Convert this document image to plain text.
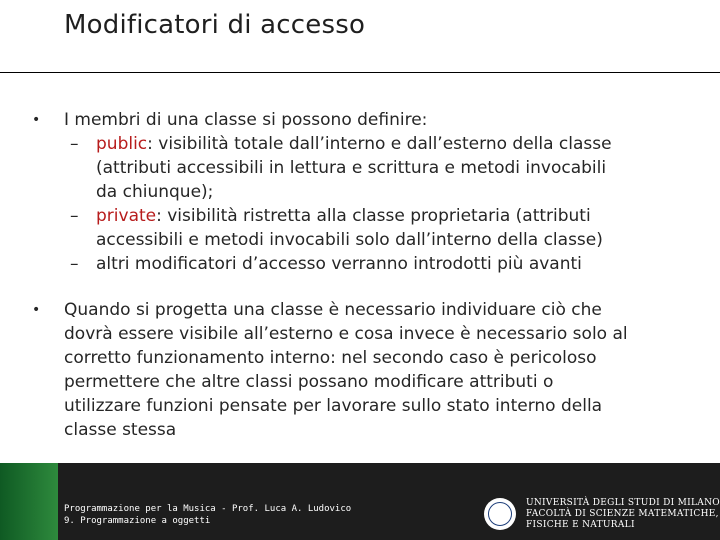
Modificatori di accesso

• I membri di una classe si possono definire:

– public: visibilità totale dall’interno e dall’esterno della classe
(attributi accessibili in lettura e scrittura e metodi invocabili
da chiunque);

– private: visibilità ristretta alla classe proprietaria (attributi
accessibili e metodi invocabili solo dall’interno della classe)

– altri modificatori d’accesso verranno introdotti più avanti

• Quando si progetta una classe è necessario individuare ciò che
dovrà essere visibile all’esterno e cosa invece è necessario solo al
corretto funzionamento interno: nel secondo caso è pericoloso
permettere che altre classi possano modificare attributi o
utilizzare funzioni pensate per lavorare sullo stato interno della
classe stessa

Programmazione per la Musica - Prof. Luca A. Ludovico
9. Programmazione a oggetti
UNIVERSITÀ DEGLI STUDI DI MILANO
FACOLTÀ DI SCIENZE MATEMATICHE,
FISICHE E NATURALI
